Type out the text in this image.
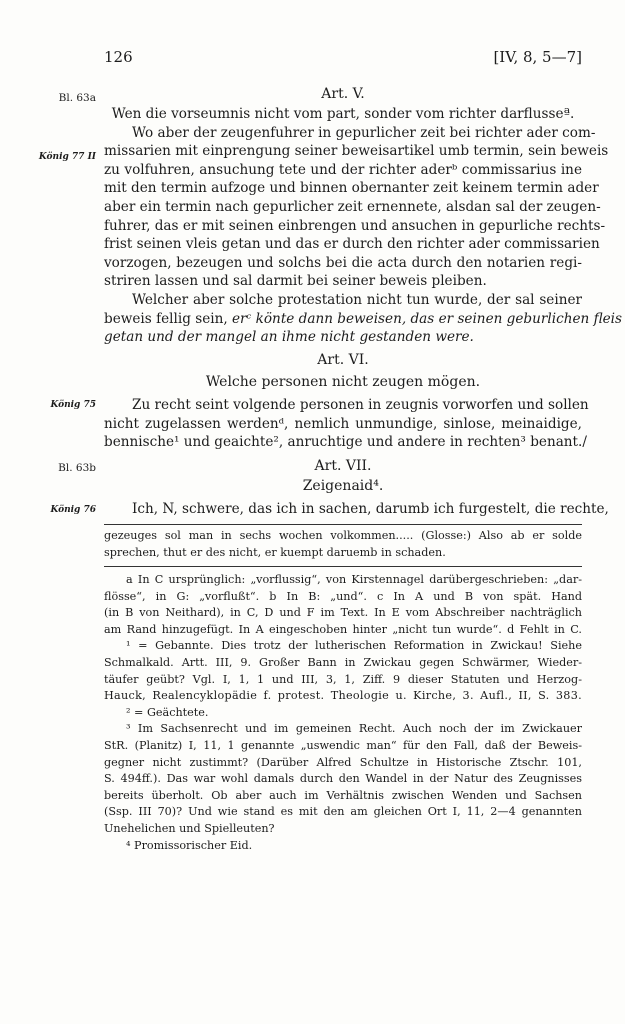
126	[IV, 8, 5—7]
Bl. 63a
König 77 II
König 75
Bl. 63b
König 76
Art. V.
Wen die vorseumnis nicht vom part, sonder vom richter darflusseª.
Wo aber der zeugenfuhrer in gepurlicher zeit bei richter ader com-
missarien mit einprengung seiner beweisartikel umb termin, sein beweis
zu volfuhren, ansuchung tete und der richter aderᵇ commissarius ine
mit den termin aufzoge und binnen obernanter zeit keinem termin ader
aber ein termin nach gepurlicher zeit ernennete, alsdan sal der zeugen-
fuhrer, das er mit seinen einbrengen und ansuchen in gepurliche rechts-
frist seinen vleis getan und das er durch den richter ader commissarien
vorzogen, bezeugen und solchs bei die acta durch den notarien regi-
striren lassen und sal darmit bei seiner beweis pleiben.
Welcher aber solche protestation nicht tun wurde, der sal seiner
beweis fellig sein, erᶜ könte dann beweisen, das er seinen geburlichen fleis
getan und der mangel an ihme nicht gestanden were.
Art. VI.
Welche personen nicht zeugen mögen.
Zu recht seint volgende personen in zeugnis vorworfen und sollen
nicht zugelassen werdenᵈ, nemlich unmundige, sinlose, meinaidige,
bennische¹ und geaichte², anruchtige und andere in rechten³ benant./
Art. VII.
Zeigenaid⁴.
Ich, N, schwere, das ich in sachen, darumb ich furgestelt, die rechte,
gezeuges sol man in sechs wochen volkommen..... (Glosse:) Also ab er solde
sprechen, thut er des nicht, er kuempt daruemb in schaden.
a In C ursprünglich: „vorflussig“, von Kirstennagel darübergeschrieben: „dar-
flösse“, in G: „vorflußt“. b In B: „und“. c In A und B von spät. Hand
(in B von Neithard), in C, D und F im Text. In E vom Abschreiber nachträglich
am Rand hinzugefügt. In A eingeschoben hinter „nicht tun wurde“. d Fehlt in C.
¹ = Gebannte. Dies trotz der lutherischen Reformation in Zwickau! Siehe
Schmalkald. Artt. III, 9. Großer Bann in Zwickau gegen Schwärmer, Wieder-
täufer geübt? Vgl. I, 1, 1 und III, 3, 1, Ziff. 9 dieser Statuten und Herzog-
Hauck, Realencyklopädie f. protest. Theologie u. Kirche, 3. Aufl., II, S. 383.
² = Geächtete.
³ Im Sachsenrecht und im gemeinen Recht. Auch noch der im Zwickauer
StR. (Planitz) I, 11, 1 genannte „uswendic man“ für den Fall, daß der Beweis-
gegner nicht zustimmt? (Darüber Alfred Schultze in Historische Ztschr. 101,
S. 494ff.). Das war wohl damals durch den Wandel in der Natur des Zeugnisses
bereits überholt. Ob aber auch im Verhältnis zwischen Wenden und Sachsen
(Ssp. III 70)? Und wie stand es mit den am gleichen Ort I, 11, 2—4 genannten
Unehelichen und Spielleuten?
⁴ Promissorischer Eid.
